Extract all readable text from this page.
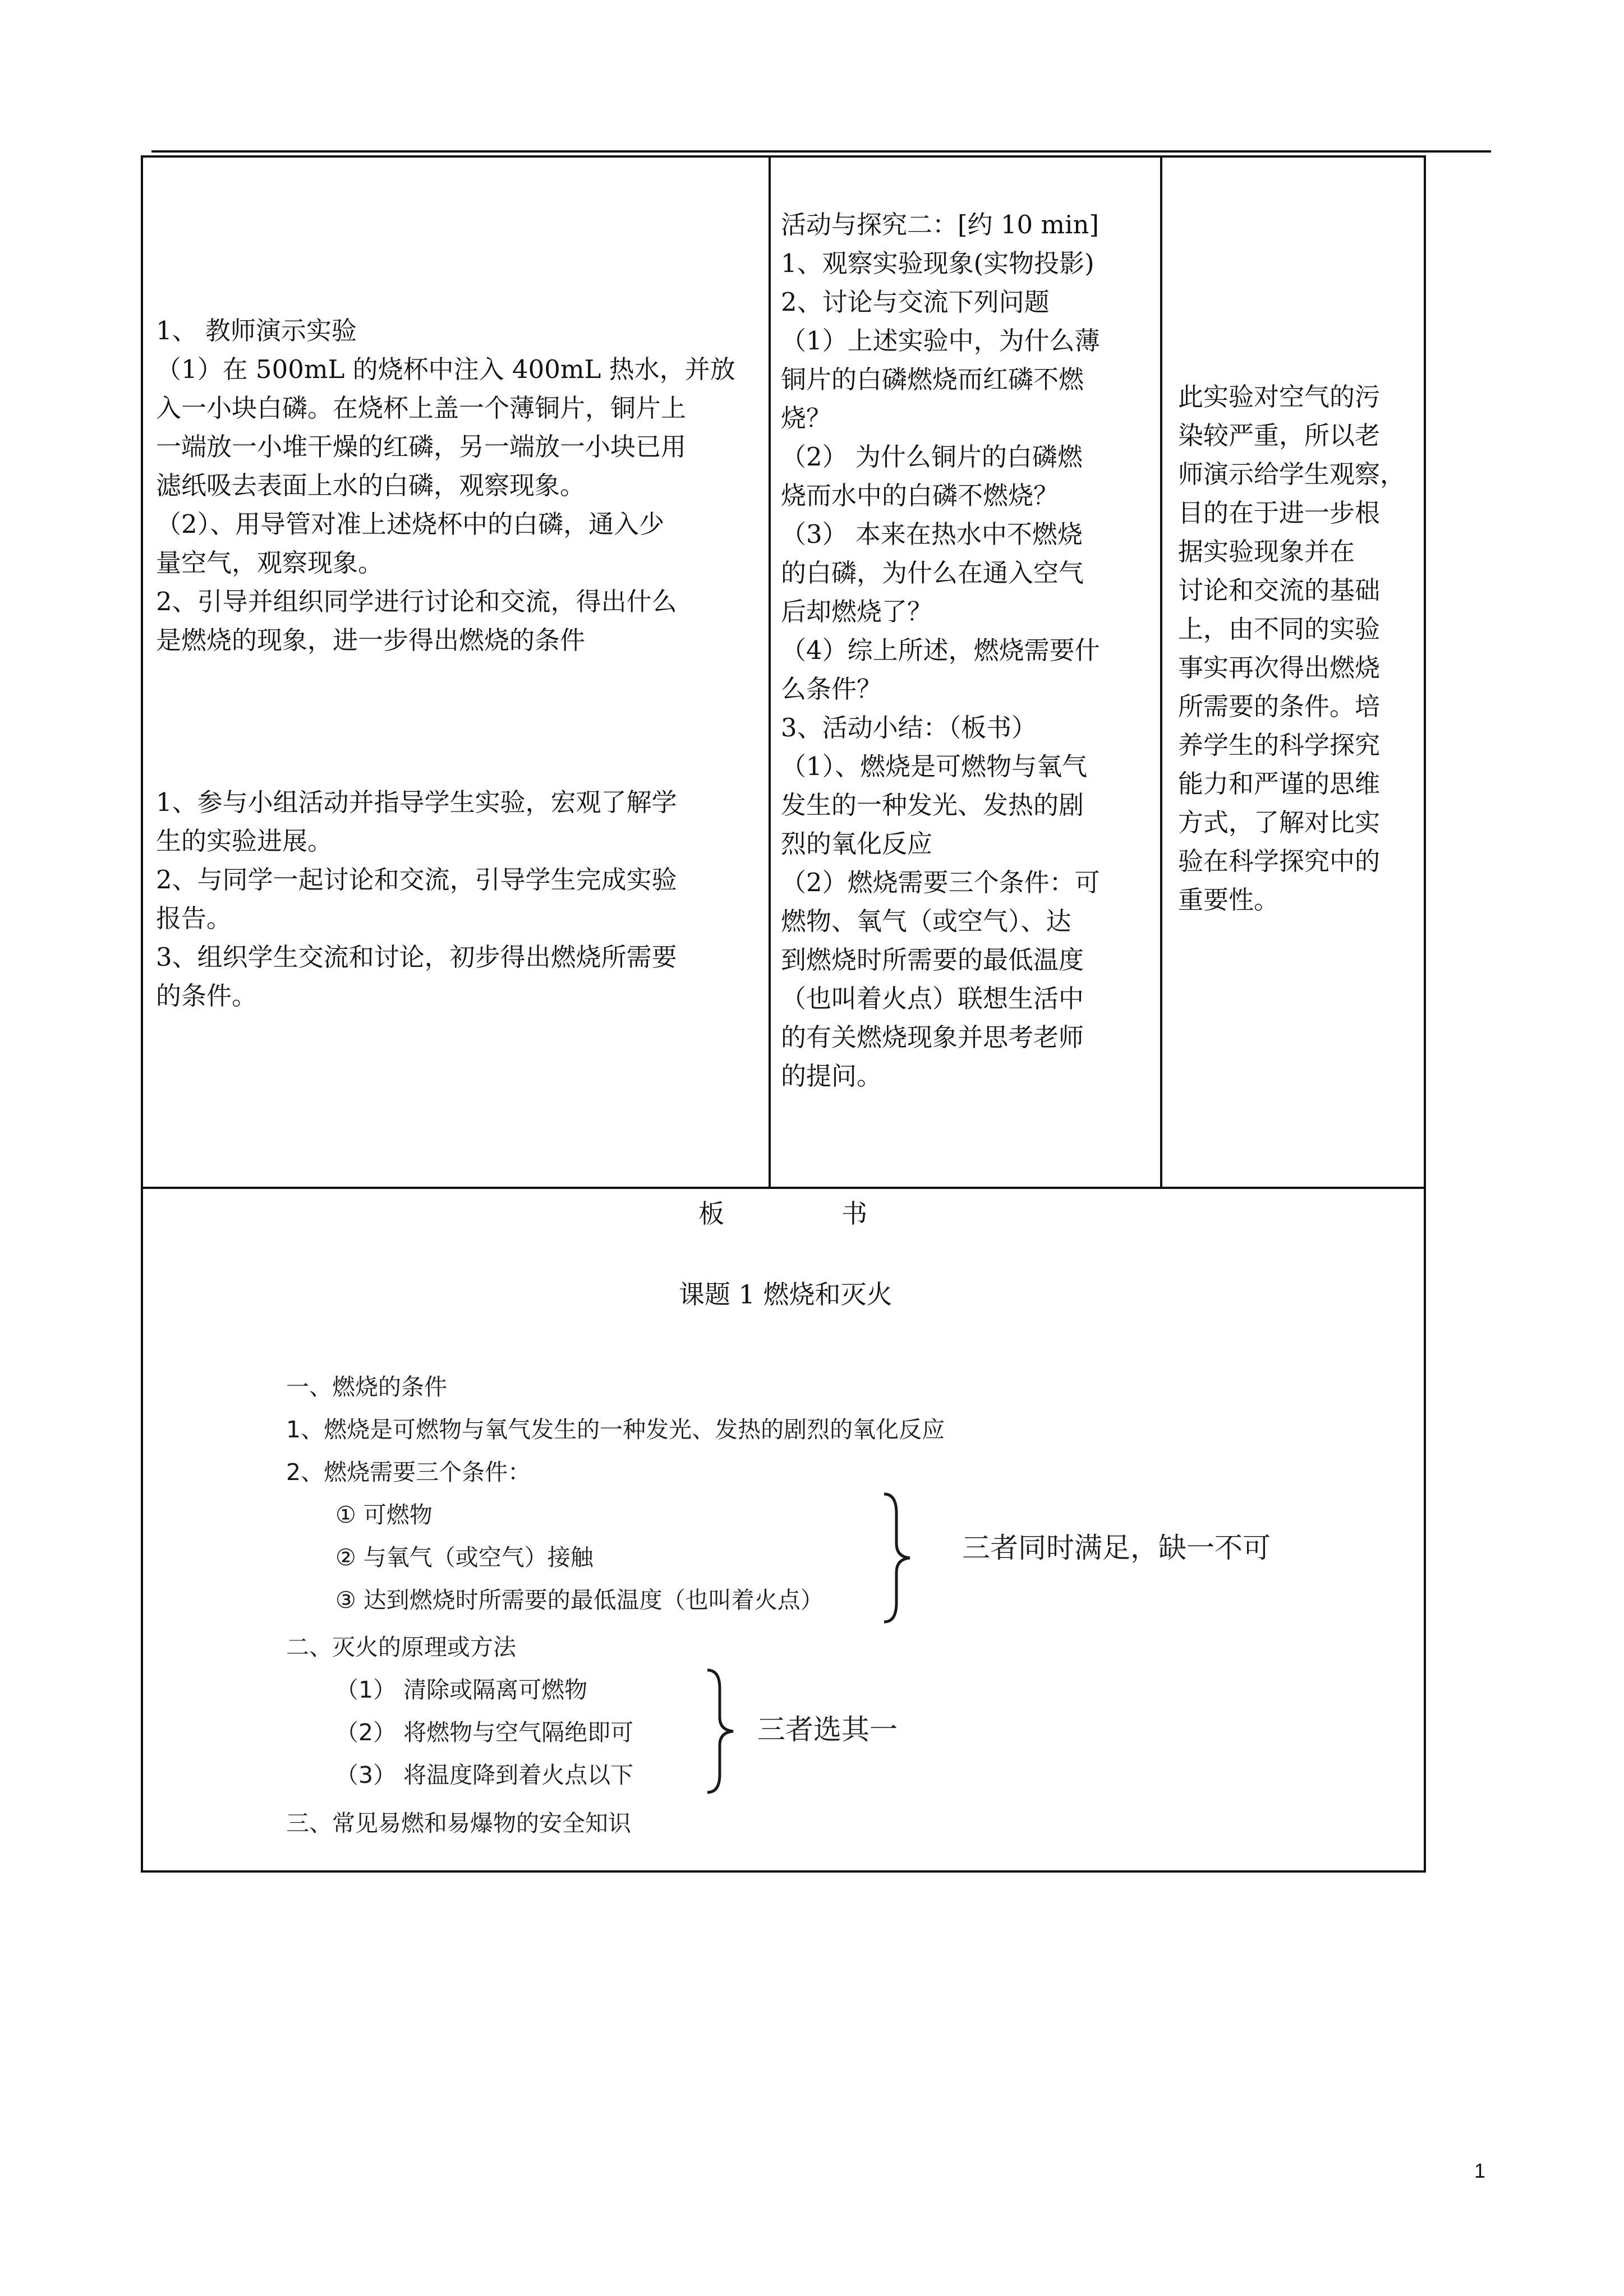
1、 教师演示实验

（1）在 500mL 的烧杯中注入 400mL 热水，并放

入一小块白磷。在烧杯上盖一个薄铜片，铜片上

一端放一小堆干燥的红磷，另一端放一小块已用

滤纸吸去表面上水的白磷，观察现象。

（2）、用导管对准上述烧杯中的白磷，通入少

量空气，观察现象。

2、引导并组织同学进行讨论和交流，得出什么

是燃烧的现象，进一步得出燃烧的条件

1、参与小组活动并指导学生实验，宏观了解学

生的实验进展。

2、与同学一起讨论和交流，引导学生完成实验

报告。

3、组织学生交流和讨论，初步得出燃烧所需要

的条件。

活动与探究二：[约 10 min]

1、观察实验现象(实物投影)

2、讨论与交流下列问题

（1）上述实验中，为什么薄

铜片的白磷燃烧而红磷不燃

烧？

（2） 为什么铜片的白磷燃

烧而水中的白磷不燃烧？

（3） 本来在热水中不燃烧

的白磷，为什么在通入空气

后却燃烧了？

（4）综上所述，燃烧需要什

么条件？

3、活动小结：（板书）

（1）、燃烧是可燃物与氧气

发生的一种发光、发热的剧

烈的氧化反应

（2）燃烧需要三个条件：可

燃物、氧气（或空气）、达

到燃烧时所需要的最低温度

（也叫着火点）联想生活中

的有关燃烧现象并思考老师

的提问。

此实验对空气的污

染较严重，所以老

师演示给学生观察，

目的在于进一步根

据实验现象并在

讨论和交流的基础

上，由不同的实验

事实再次得出燃烧

所需要的条件。培

养学生的科学探究

能力和严谨的思维

方式，了解对比实

验在科学探究中的

重要性。

板	书
课题 1 燃烧和灭火
一、燃烧的条件
1、燃烧是可燃物与氧气发生的一种发光、发热的剧烈的氧化反应
2、燃烧需要三个条件：
① 可燃物
② 与氧气（或空气）接触
③ 达到燃烧时所需要的最低温度（也叫着火点）
三者同时满足，缺一不可
二、灭火的原理或方法
（1） 清除或隔离可燃物
（2） 将燃物与空气隔绝即可
（3） 将温度降到着火点以下
三者选其一
三、常见易燃和易爆物的安全知识
1
